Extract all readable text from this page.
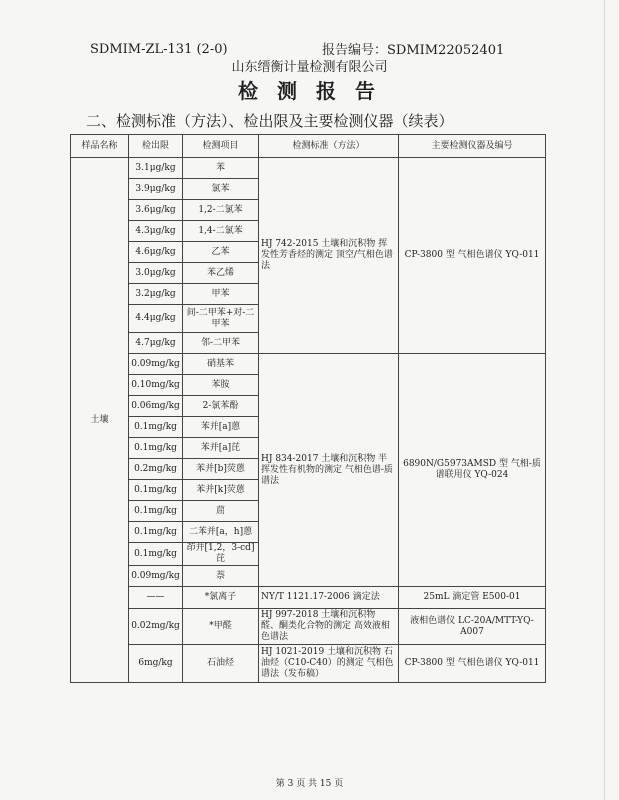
SDMIM-ZL-131 (2-0)	报告编号：SDMIM22052401
山东缙衡计量检测有限公司
检 测 报 告
二、检测标准（方法）、检出限及主要检测仪器（续表）
样品名称	检出限	检测项目	检测标准（方法）	主要检测仪器及编号
土壤	3.1μg/kg	苯	HJ 742-2015 土壤和沉积物 挥发性芳香烃的测定 顶空/气相色谱法	CP-3800 型 气相色谱仪 YQ-011
	3.9μg/kg	氯苯		
	3.6μg/kg	1,2-二氯苯		
	4.3μg/kg	1,4-二氯苯		
	4.6μg/kg	乙苯		
	3.0μg/kg	苯乙烯		
	3.2μg/kg	甲苯		
	4.4μg/kg	间-二甲苯+对-二甲苯		
	4.7μg/kg	邻-二甲苯		
	0.09mg/kg	硝基苯	HJ 834-2017 土壤和沉积物 半挥发性有机物的测定 气相色谱-质谱法	6890N/G5973AMSD 型 气相-质谱联用仪 YQ-024
	0.10mg/kg	苯胺		
	0.06mg/kg	2-氯苯酚		
	0.1mg/kg	苯并[a]蒽		
	0.1mg/kg	苯并[a]芘		
	0.2mg/kg	苯并[b]荧蒽		
	0.1mg/kg	苯并[k]荧蒽		
	0.1mg/kg	䓛		
	0.1mg/kg	二苯并[a，h]蒽		
	0.1mg/kg	茚并[1,2，3-cd]芘		
	0.09mg/kg	萘		
	——	*氯离子	NY/T 1121.17-2006 滴定法	25mL 滴定管 E500-01
	0.02mg/kg	*甲醛	HJ 997-2018 土壤和沉积物 醛、酮类化合物的测定 高效液相色谱法	液相色谱仪 LC-20A/MTT-YQ-A007
	6mg/kg	石油烃	HJ 1021-2019 土壤和沉积物 石油烃（C10-C40）的测定 气相色谱法（发布稿）	CP-3800 型 气相色谱仪 YQ-011
第 3 页 共 15 页
